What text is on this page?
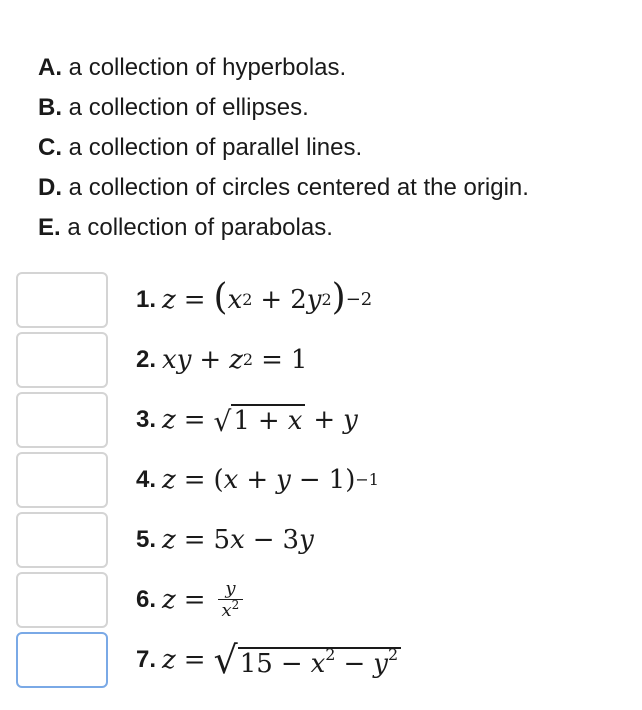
A. a collection of hyperbolas.
B. a collection of ellipses.
C. a collection of parallel lines.
D. a collection of circles centered at the origin.
E. a collection of parabolas.
1. z = ( x 2 + 2 y 2 ) −2
2. x y + z 2 = 1
3. z = √ 1 + x + y
4. z = ( x + y − 1 ) −1
5. z = 5 x − 3 y
6. $z = \frac{y}{x^2}$
7. z = √ $15 - x^2 - y^2$
